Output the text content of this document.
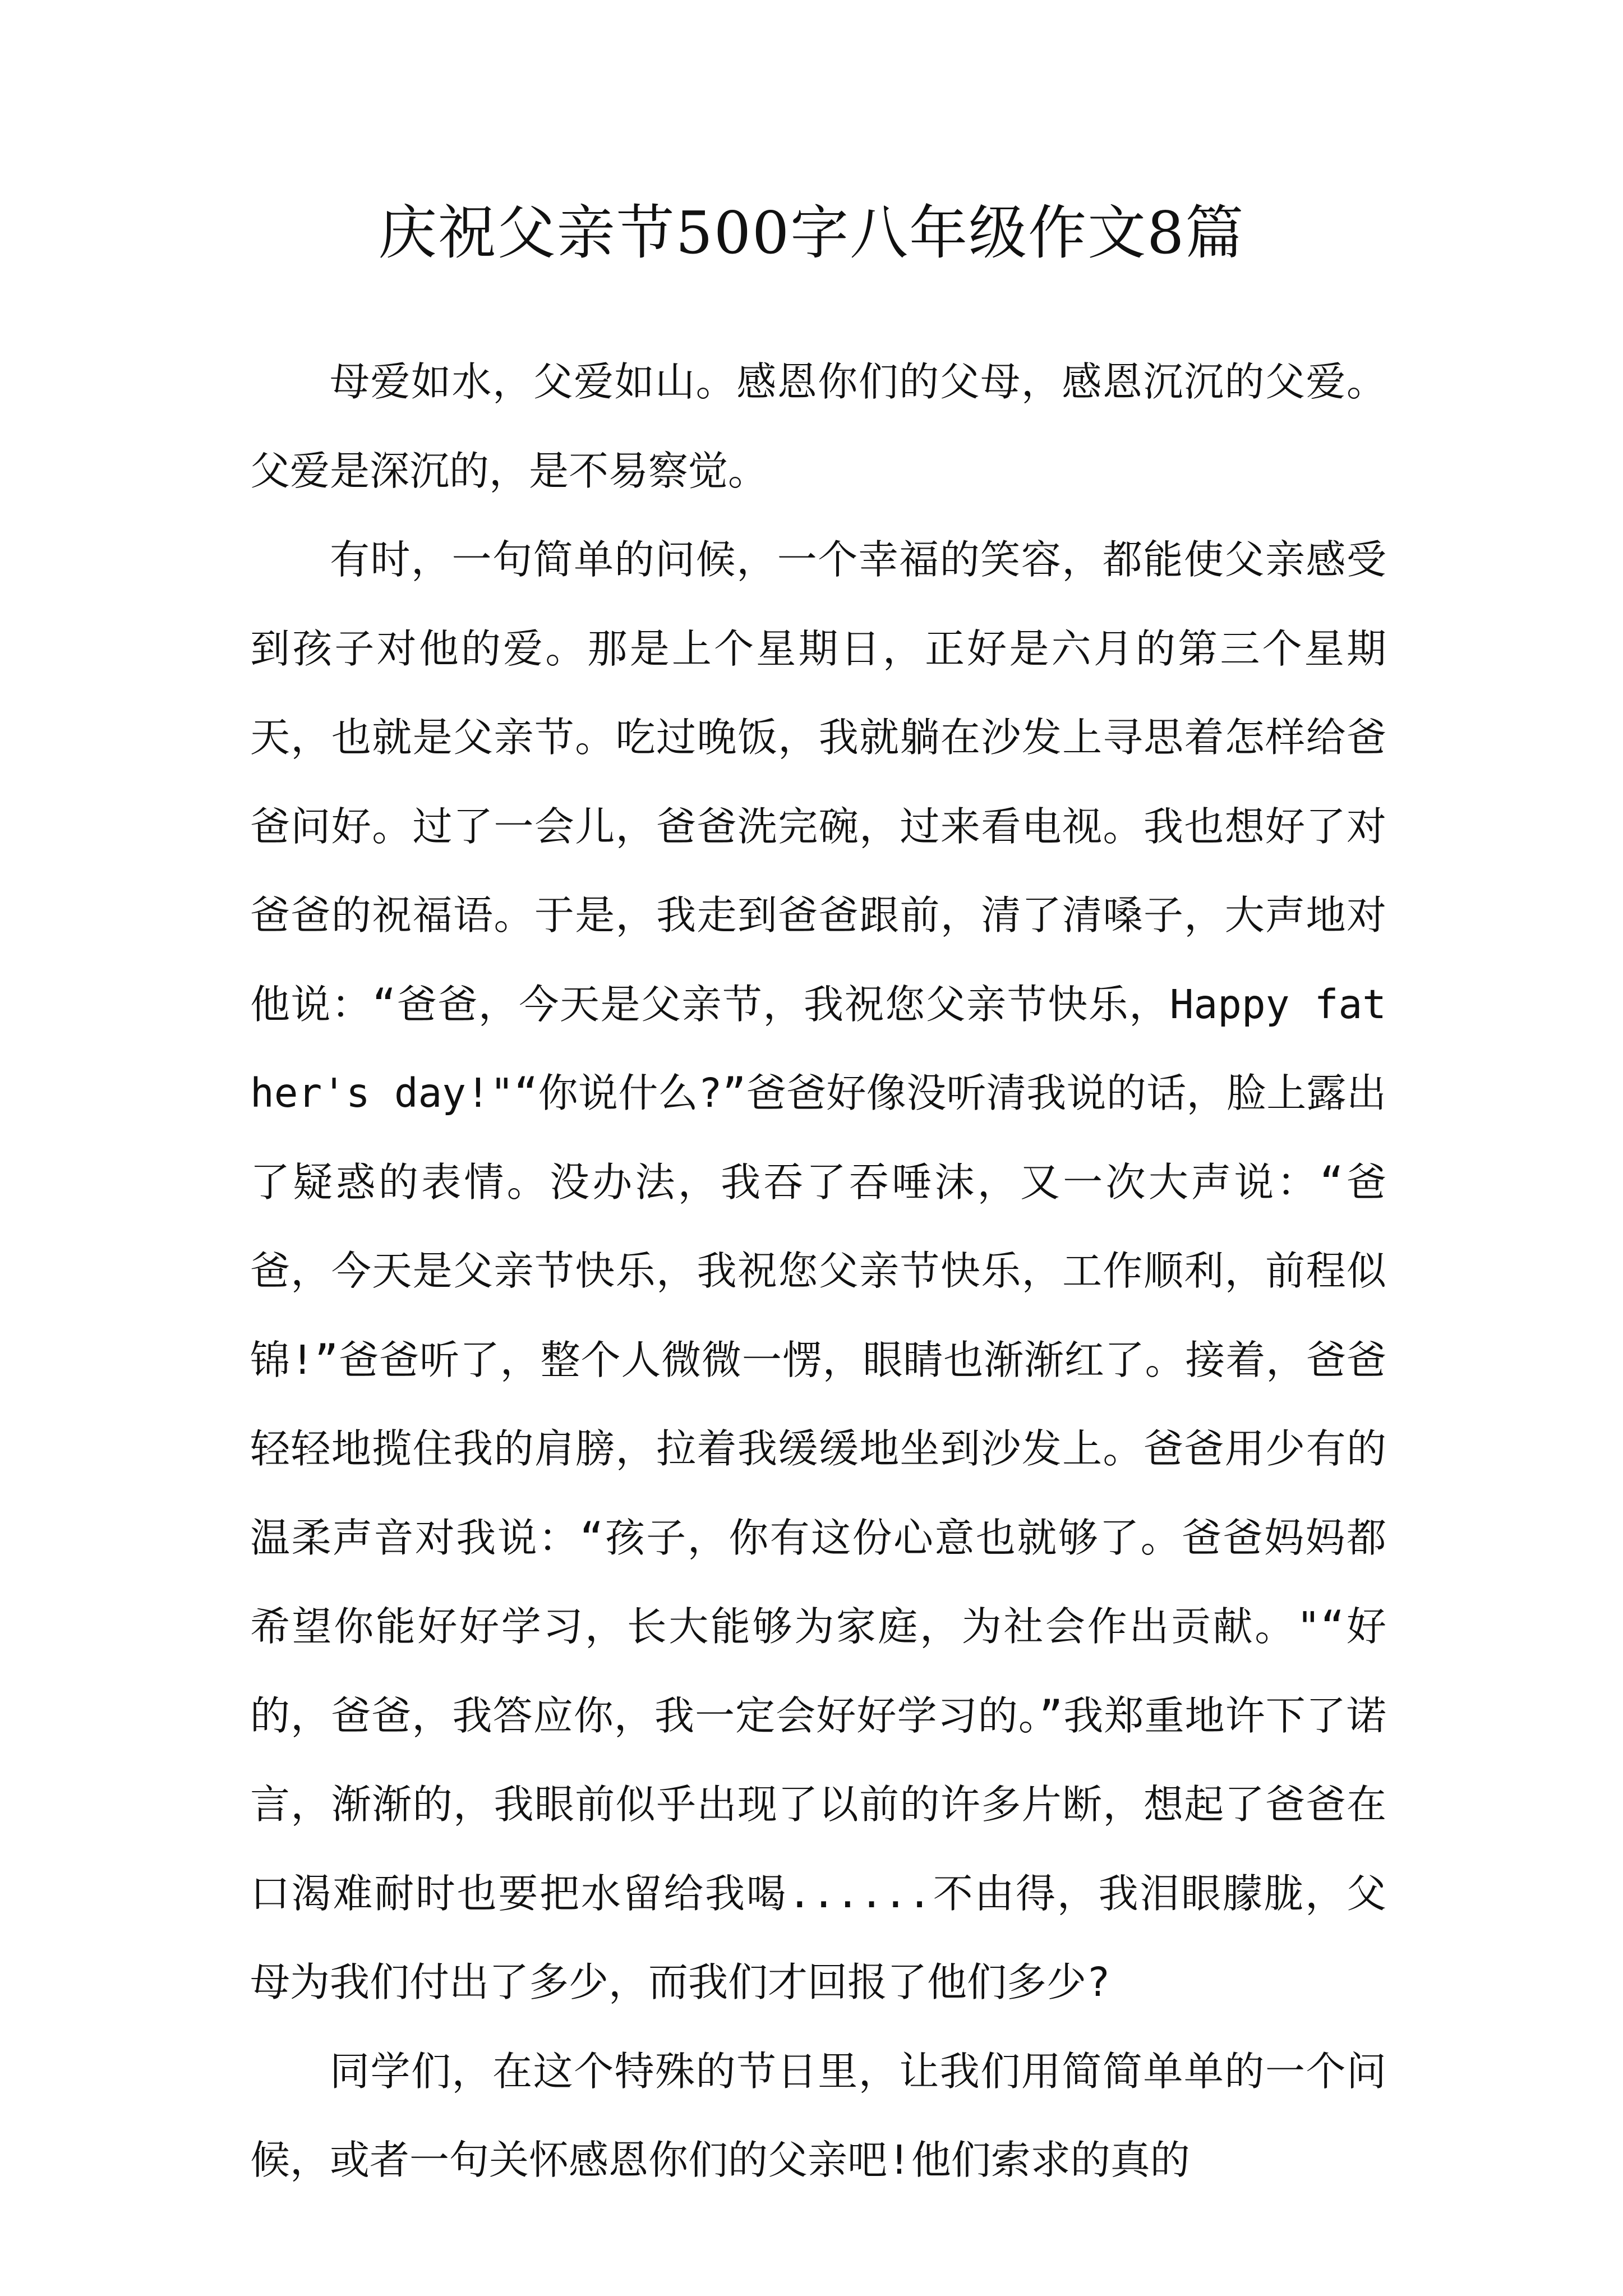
庆祝父亲节500字八年级作文8篇

母爱如水，父爱如山。感恩你们的父母，感恩沉沉的父爱。父爱是深沉的，是不易察觉。

有时，一句简单的问候，一个幸福的笑容，都能使父亲感受到孩子对他的爱。那是上个星期日，正好是六月的第三个星期天，也就是父亲节。吃过晚饭，我就躺在沙发上寻思着怎样给爸爸问好。过了一会儿，爸爸洗完碗，过来看电视。我也想好了对爸爸的祝福语。于是，我走到爸爸跟前，清了清嗓子，大声地对他说：“爸爸，今天是父亲节，我祝您父亲节快乐，Happy father's day!"“你说什么?”爸爸好像没听清我说的话，脸上露出了疑惑的表情。没办法，我吞了吞唾沫，又一次大声说：“爸爸，今天是父亲节快乐，我祝您父亲节快乐，工作顺利，前程似锦!”爸爸听了，整个人微微一愣，眼睛也渐渐红了。接着，爸爸轻轻地揽住我的肩膀，拉着我缓缓地坐到沙发上。爸爸用少有的温柔声音对我说：“孩子，你有这份心意也就够了。爸爸妈妈都希望你能好好学习，长大能够为家庭，为社会作出贡献。"“好的，爸爸，我答应你，我一定会好好学习的。”我郑重地许下了诺言，渐渐的，我眼前似乎出现了以前的许多片断，想起了爸爸在口渴难耐时也要把水留给我喝......不由得，我泪眼朦胧，父母为我们付出了多少，而我们才回报了他们多少?

同学们，在这个特殊的节日里，让我们用简简单单的一个问候，或者一句关怀感恩你们的父亲吧!他们索求的真的
